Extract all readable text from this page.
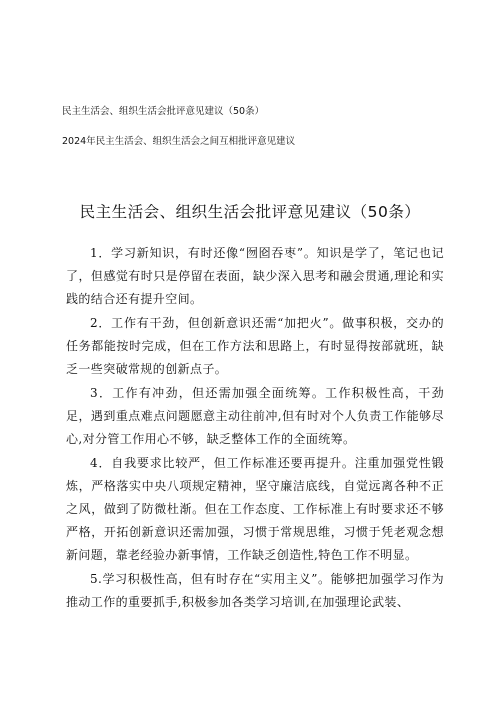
民主生活会、组织生活会批评意见建议（50条）
2024年民主生活会、组织生活会之间互相批评意见建议
民主生活会、组织生活会批评意见建议（50条）

1．学习新知识，有时还像“囫囵吞枣”。知识是学了，笔记也记了，但感觉有时只是停留在表面，缺少深入思考和融会贯通,理论和实践的结合还有提升空间。

2．工作有干劲，但创新意识还需“加把火”。做事积极，交办的任务都能按时完成，但在工作方法和思路上，有时显得按部就班，缺乏一些突破常规的创新点子。

3．工作有冲劲，但还需加强全面统筹。工作积极性高，干劲足，遇到重点难点问题愿意主动往前冲,但有时对个人负责工作能够尽心,对分管工作用心不够，缺乏整体工作的全面统筹。

4．自我要求比较严，但工作标准还要再提升。注重加强党性锻炼，严格落实中央八项规定精神，坚守廉洁底线，自觉远离各种不正之风，做到了防微杜渐。但在工作态度、工作标准上有时要求还不够严格，开拓创新意识还需加强，习惯于常规思维，习惯于凭老观念想新问题，靠老经验办新事情，工作缺乏创造性,特色工作不明显。

5.学习积极性高，但有时存在“实用主义”。能够把加强学习作为推动工作的重要抓手,积极参加各类学习培训,在加强理论武装、
